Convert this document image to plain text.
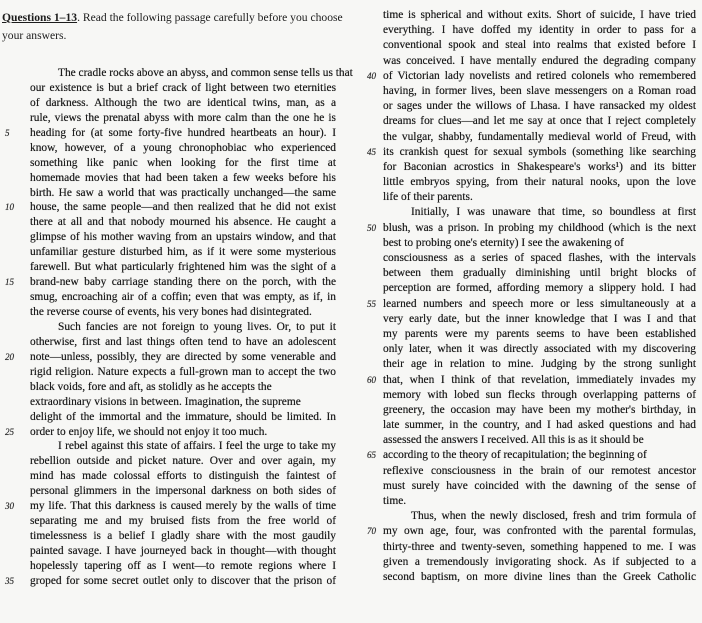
Questions 1–13. Read the following passage carefully before you choose
your answers.
The cradle rocks above an abyss, and common sense tells us that
our existence is but a brief crack of light between two eternities
of darkness. Although the two are identical twins, man, as a
rule, views the prenatal abyss with more calm than the one he is
5 heading for (at some forty-five hundred heartbeats an hour). I
know, however, of a young chronophobiac who experienced
something like panic when looking for the first time at
homemade movies that had been taken a few weeks before his
birth. He saw a world that was practically unchanged—the same
10 house, the same people—and then realized that he did not exist
there at all and that nobody mourned his absence. He caught a
glimpse of his mother waving from an upstairs window, and that
unfamiliar gesture disturbed him, as if it were some mysterious
farewell. But what particularly frightened him was the sight of a
15 brand-new baby carriage standing there on the porch, with the
smug, encroaching air of a coffin; even that was empty, as if, in
the reverse course of events, his very bones had disintegrated.
Such fancies are not foreign to young lives. Or, to put it
otherwise, first and last things often tend to have an adolescent
20 note—unless, possibly, they are directed by some venerable and
rigid religion. Nature expects a full-grown man to accept the two
black voids, fore and aft, as stolidly as he accepts the
extraordinary visions in between. Imagination, the supreme
delight of the immortal and the immature, should be limited. In
25 order to enjoy life, we should not enjoy it too much.
I rebel against this state of affairs. I feel the urge to take my
rebellion outside and picket nature. Over and over again, my
mind has made colossal efforts to distinguish the faintest of
personal glimmers in the impersonal darkness on both sides of
30 my life. That this darkness is caused merely by the walls of time
separating me and my bruised fists from the free world of
timelessness is a belief I gladly share with the most gaudily
painted savage. I have journeyed back in thought—with thought
hopelessly tapering off as I went—to remote regions where I
35 groped for some secret outlet only to discover that the prison of
time is spherical and without exits. Short of suicide, I have tried
everything. I have doffed my identity in order to pass for a
conventional spook and steal into realms that existed before I
was conceived. I have mentally endured the degrading company
40 of Victorian lady novelists and retired colonels who remembered
having, in former lives, been slave messengers on a Roman road
or sages under the willows of Lhasa. I have ransacked my oldest
dreams for clues—and let me say at once that I reject completely
the vulgar, shabby, fundamentally medieval world of Freud, with
45 its crankish quest for sexual symbols (something like searching
for Baconian acrostics in Shakespeare's works¹) and its bitter
little embryos spying, from their natural nooks, upon the love
life of their parents.
Initially, I was unaware that time, so boundless at first
50 blush, was a prison. In probing my childhood (which is the next
best to probing one's eternity) I see the awakening of
consciousness as a series of spaced flashes, with the intervals
between them gradually diminishing until bright blocks of
perception are formed, affording memory a slippery hold. I had
55 learned numbers and speech more or less simultaneously at a
very early date, but the inner knowledge that I was I and that
my parents were my parents seems to have been established
only later, when it was directly associated with my discovering
their age in relation to mine. Judging by the strong sunlight
60 that, when I think of that revelation, immediately invades my
memory with lobed sun flecks through overlapping patterns of
greenery, the occasion may have been my mother's birthday, in
late summer, in the country, and I had asked questions and had
assessed the answers I received. All this is as it should be
65 according to the theory of recapitulation; the beginning of
reflexive consciousness in the brain of our remotest ancestor
must surely have coincided with the dawning of the sense of
time.
Thus, when the newly disclosed, fresh and trim formula of
70 my own age, four, was confronted with the parental formulas,
thirty-three and twenty-seven, something happened to me. I was
given a tremendously invigorating shock. As if subjected to a
second baptism, on more divine lines than the Greek Catholic
